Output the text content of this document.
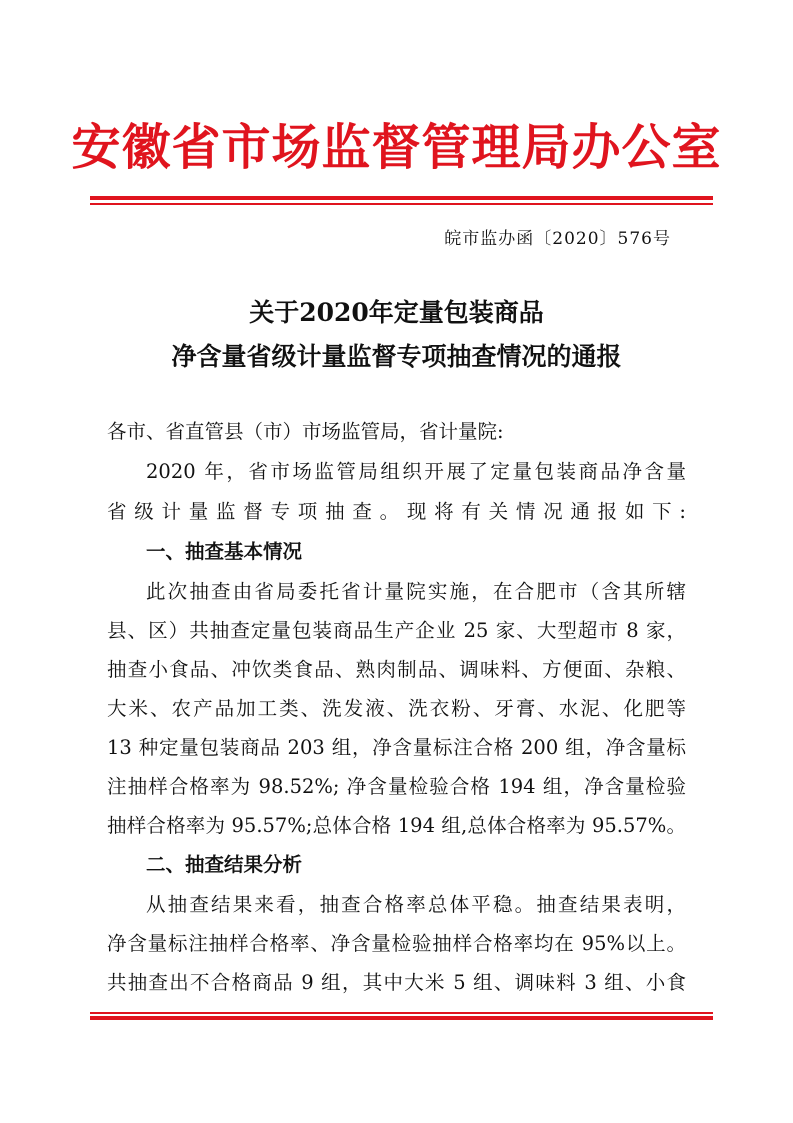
安徽省市场监督管理局办公室
皖市监办函〔2020〕576号
关于2020年定量包装商品
净含量省级计量监督专项抽查情况的通报
各市、省直管县（市）市场监管局，省计量院:
2020 年，省市场监管局组织开展了定量包装商品净含量
省级计量监督专项抽查。现将有关情况通报如下:
一、抽查基本情况
此次抽查由省局委托省计量院实施，在合肥市（含其所辖
县、区）共抽查定量包装商品生产企业 25 家、大型超市 8 家，
抽查小食品、冲饮类食品、熟肉制品、调味料、方便面、杂粮、
大米、农产品加工类、洗发液、洗衣粉、牙膏、水泥、化肥等
13 种定量包装商品 203 组，净含量标注合格 200 组，净含量标
注抽样合格率为 98.52%; 净含量检验合格 194 组，净含量检验
抽样合格率为 95.57%;总体合格 194 组,总体合格率为 95.57%。
二、抽查结果分析
从抽查结果来看，抽查合格率总体平稳。抽查结果表明，
净含量标注抽样合格率、净含量检验抽样合格率均在 95%以上。
共抽查出不合格商品 9 组，其中大米 5 组、调味料 3 组、小食
